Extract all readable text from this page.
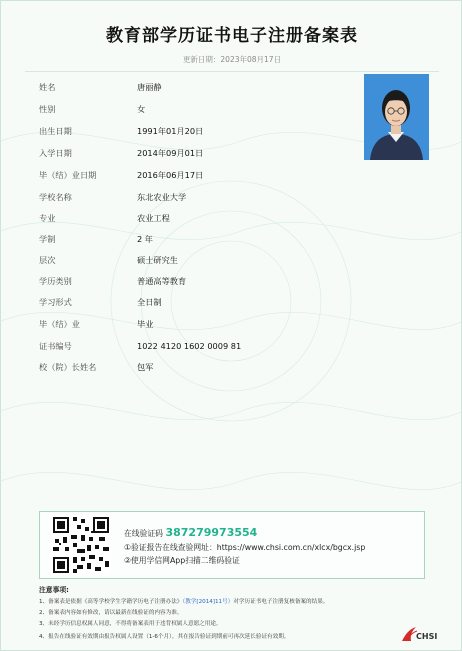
教育部学历证书电子注册备案表
更新日期：2023年08月17日
姓名	唐丽静
性别	女
出生日期	1991年01月20日
入学日期	2014年09月01日
毕（结）业日期	2016年06月17日
学校名称	东北农业大学
专业	农业工程
学制	2 年
层次	硕士研究生
学历类别	普通高等教育
学习形式	全日制
毕（结）业	毕业
证书编号	1022 4120 1602 0009 81
校（院）长姓名	包军
在线验证码 387279973554
①验证报告在线查验网址：https://www.chsi.com.cn/xlcx/bgcx.jsp
②使用学信网App扫描二维码验证
注意事项:
1、备案表是依据《高等学校学生学籍学历电子注册办法》（教学[2014]11号）对学历证书电子注册复核备案的结果。
2、备案表内容如有修改，请以最新在线验证的内容为准。
3、未经学历信息权属人同意，不得将备案表用于违背权属人意愿之用途。
4、报告在线验证有效期由报告权属人设置（1-6个月），其在报告验证到期前可再次延长验证有效期。	CHSI
